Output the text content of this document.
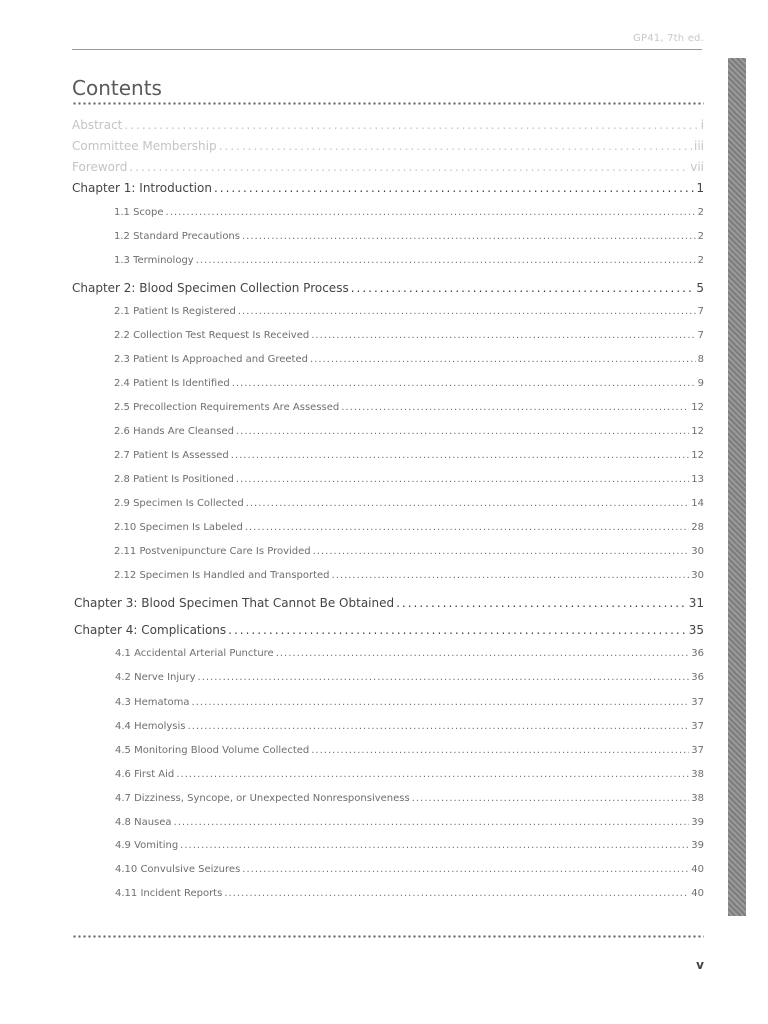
GP41, 7th ed.
Contents
Abstract .....	i
Committee Membership .....	iii
Foreword .....	vii
Chapter 1: Introduction .....	1
1.1 Scope .....	2
1.2 Standard Precautions .....	2
1.3 Terminology .....	2
Chapter 2: Blood Specimen Collection Process .....	5
2.1 Patient Is Registered .....	7
2.2 Collection Test Request Is Received .....	7
2.3 Patient Is Approached and Greeted .....	8
2.4 Patient Is Identified .....	9
2.5 Precollection Requirements Are Assessed .....	12
2.6 Hands Are Cleansed .....	12
2.7 Patient Is Assessed .....	12
2.8 Patient Is Positioned .....	13
2.9 Specimen Is Collected .....	14
2.10 Specimen Is Labeled .....	28
2.11 Postvenipuncture Care Is Provided .....	30
2.12 Specimen Is Handled and Transported .....	30
Chapter 3: Blood Specimen That Cannot Be Obtained .....	31
Chapter 4: Complications .....	35
4.1 Accidental Arterial Puncture .....	36
4.2 Nerve Injury .....	36
4.3 Hematoma .....	37
4.4 Hemolysis .....	37
4.5 Monitoring Blood Volume Collected .....	37
4.6 First Aid .....	38
4.7 Dizziness, Syncope, or Unexpected Nonresponsiveness .....	38
4.8 Nausea .....	39
4.9 Vomiting .....	39
4.10 Convulsive Seizures .....	40
4.11 Incident Reports .....	40
v
